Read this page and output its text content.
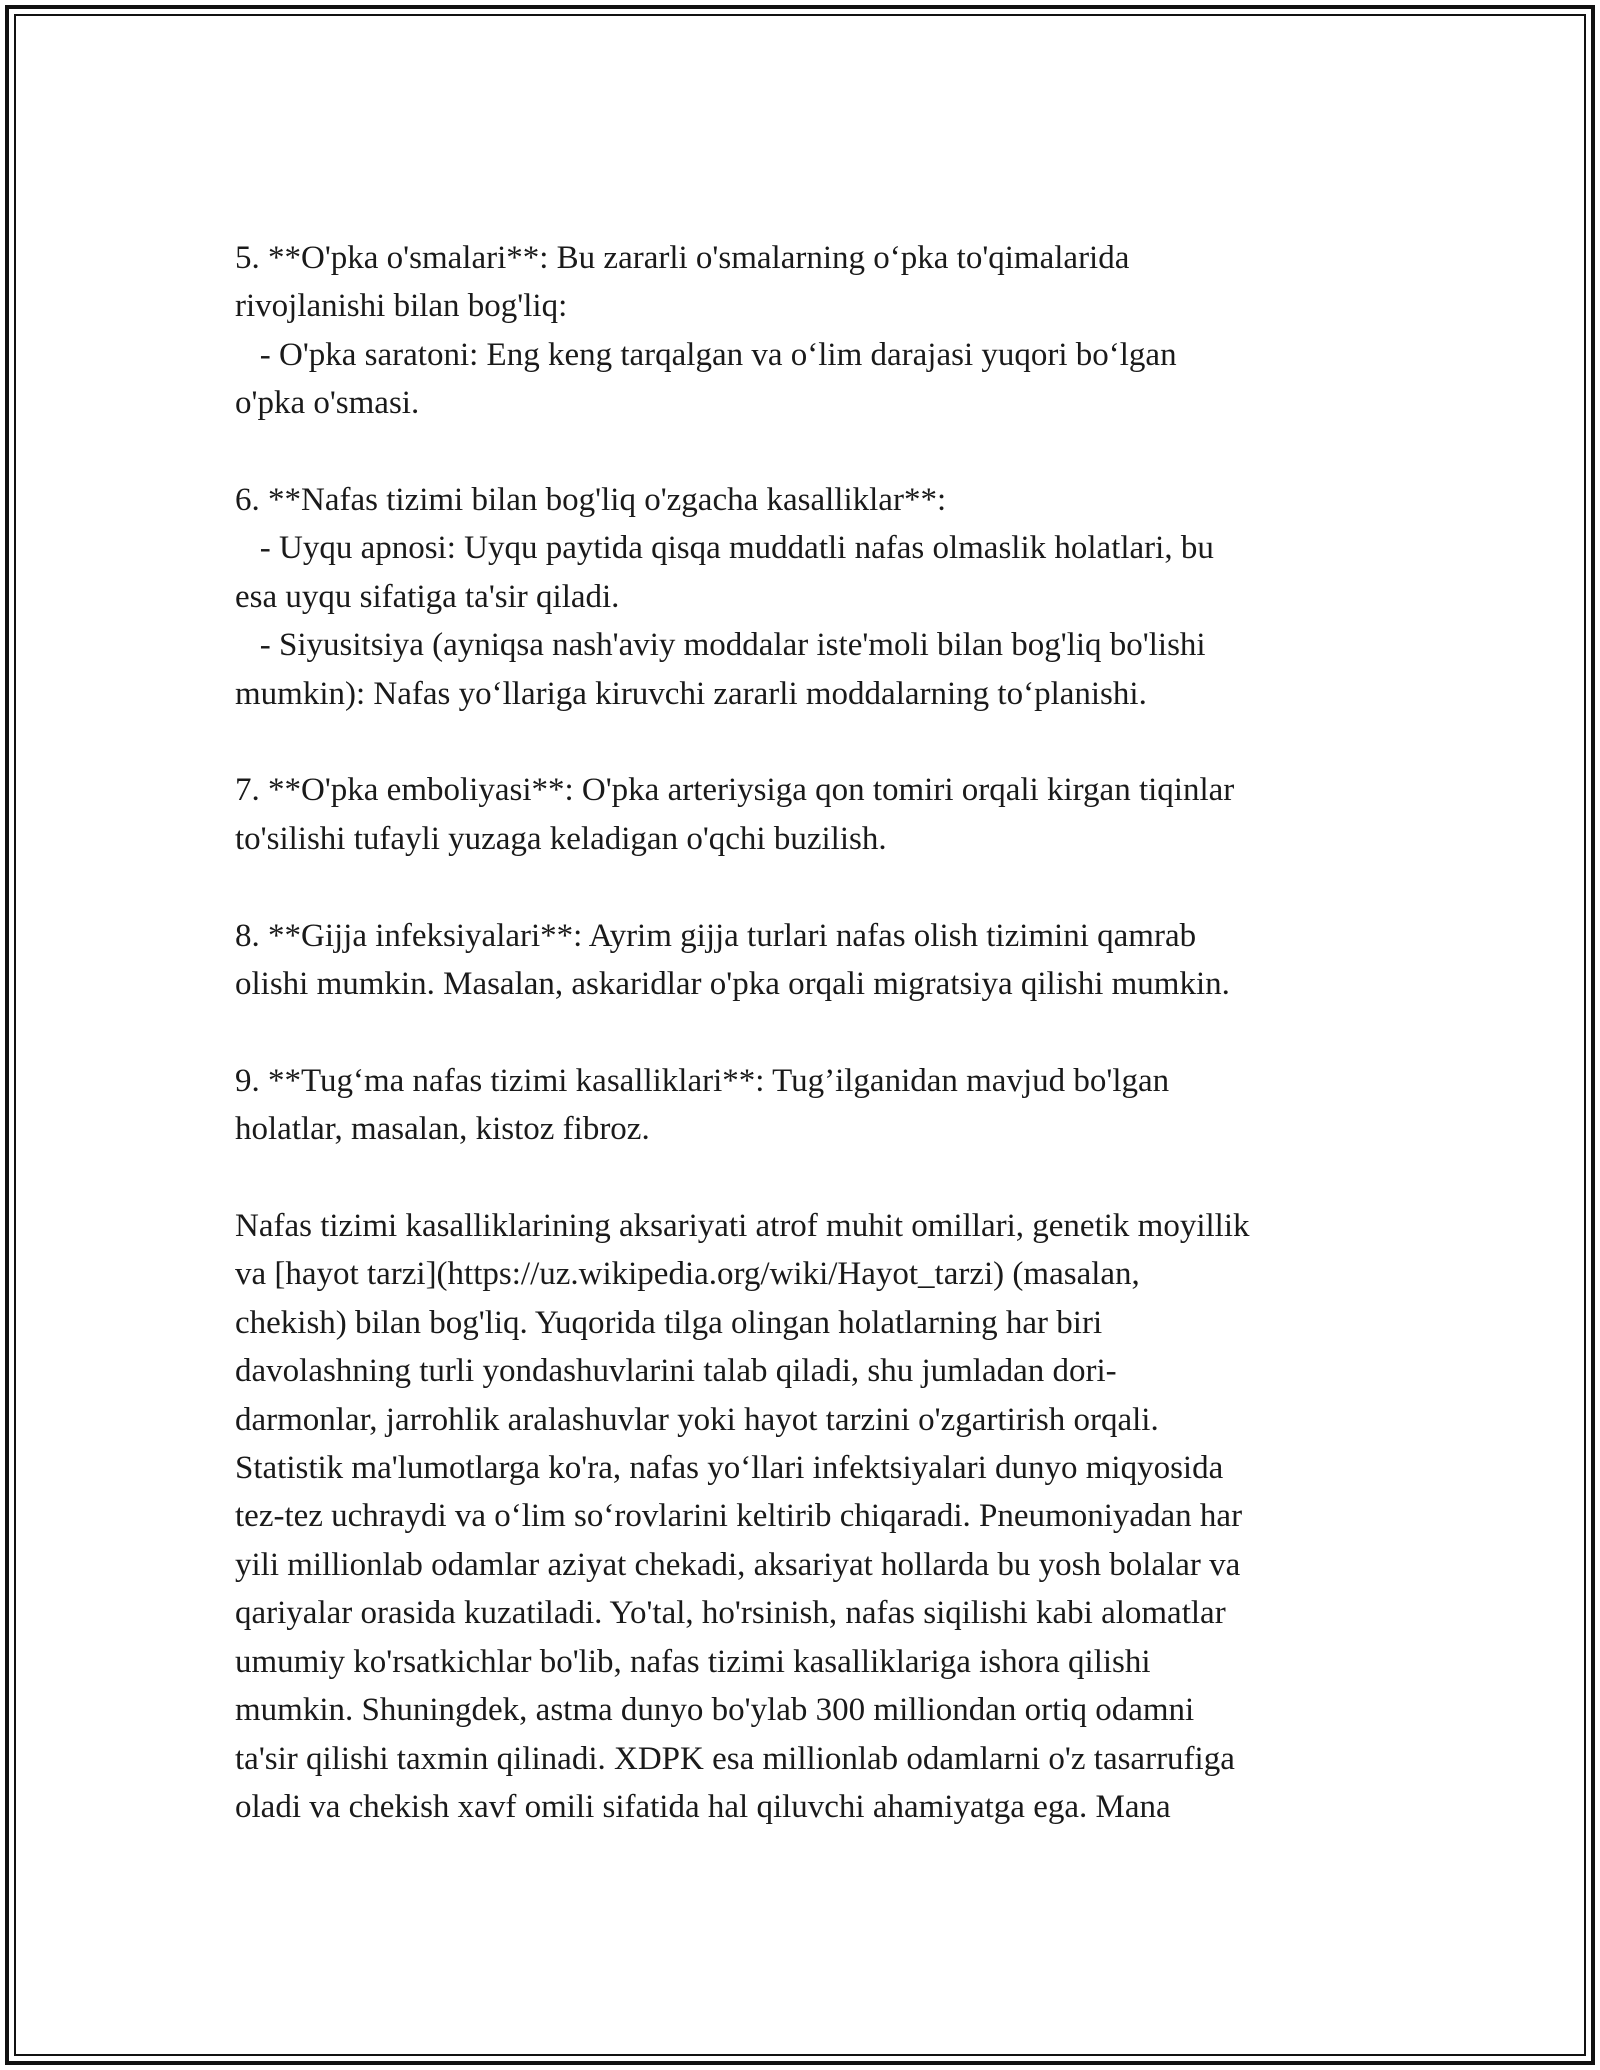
5. **O'pka o'smalari**: Bu zararli o'smalarning o‘pka to'qimalarida
rivojlanishi bilan bog'liq:
- O'pka saratoni: Eng keng tarqalgan va o‘lim darajasi yuqori bo‘lgan
o'pka o'smasi.
6. **Nafas tizimi bilan bog'liq o'zgacha kasalliklar**:
- Uyqu apnosi: Uyqu paytida qisqa muddatli nafas olmaslik holatlari, bu
esa uyqu sifatiga ta'sir qiladi.
- Siyusitsiya (ayniqsa nash'aviy moddalar iste'moli bilan bog'liq bo'lishi
mumkin): Nafas yo‘llariga kiruvchi zararli moddalarning to‘planishi.
7. **O'pka emboliyasi**: O'pka arteriysiga qon tomiri orqali kirgan tiqinlar
to'silishi tufayli yuzaga keladigan o'qchi buzilish.
8. **Gijja infeksiyalari**: Ayrim gijja turlari nafas olish tizimini qamrab
olishi mumkin. Masalan, askaridlar o'pka orqali migratsiya qilishi mumkin.
9. **Tug‘ma nafas tizimi kasalliklari**: Tug’ilganidan mavjud bo'lgan
holatlar, masalan, kistoz fibroz.
Nafas tizimi kasalliklarining aksariyati atrof muhit omillari, genetik moyillik
va [hayot tarzi](https://uz.wikipedia.org/wiki/Hayot_tarzi) (masalan,
chekish) bilan bog'liq. Yuqorida tilga olingan holatlarning har biri
davolashning turli yondashuvlarini talab qiladi, shu jumladan dori-
darmonlar, jarrohlik aralashuvlar yoki hayot tarzini o'zgartirish orqali.
Statistik ma'lumotlarga ko'ra, nafas yo‘llari infektsiyalari dunyo miqyosida
tez-tez uchraydi va o‘lim so‘rovlarini keltirib chiqaradi. Pneumoniyadan har
yili millionlab odamlar aziyat chekadi, aksariyat hollarda bu yosh bolalar va
qariyalar orasida kuzatiladi. Yo'tal, ho'rsinish, nafas siqilishi kabi alomatlar
umumiy ko'rsatkichlar bo'lib, nafas tizimi kasalliklariga ishora qilishi
mumkin. Shuningdek, astma dunyo bo'ylab 300 milliondan ortiq odamni
ta'sir qilishi taxmin qilinadi. XDPK esa millionlab odamlarni o'z tasarrufiga
oladi va chekish xavf omili sifatida hal qiluvchi ahamiyatga ega. Mana
